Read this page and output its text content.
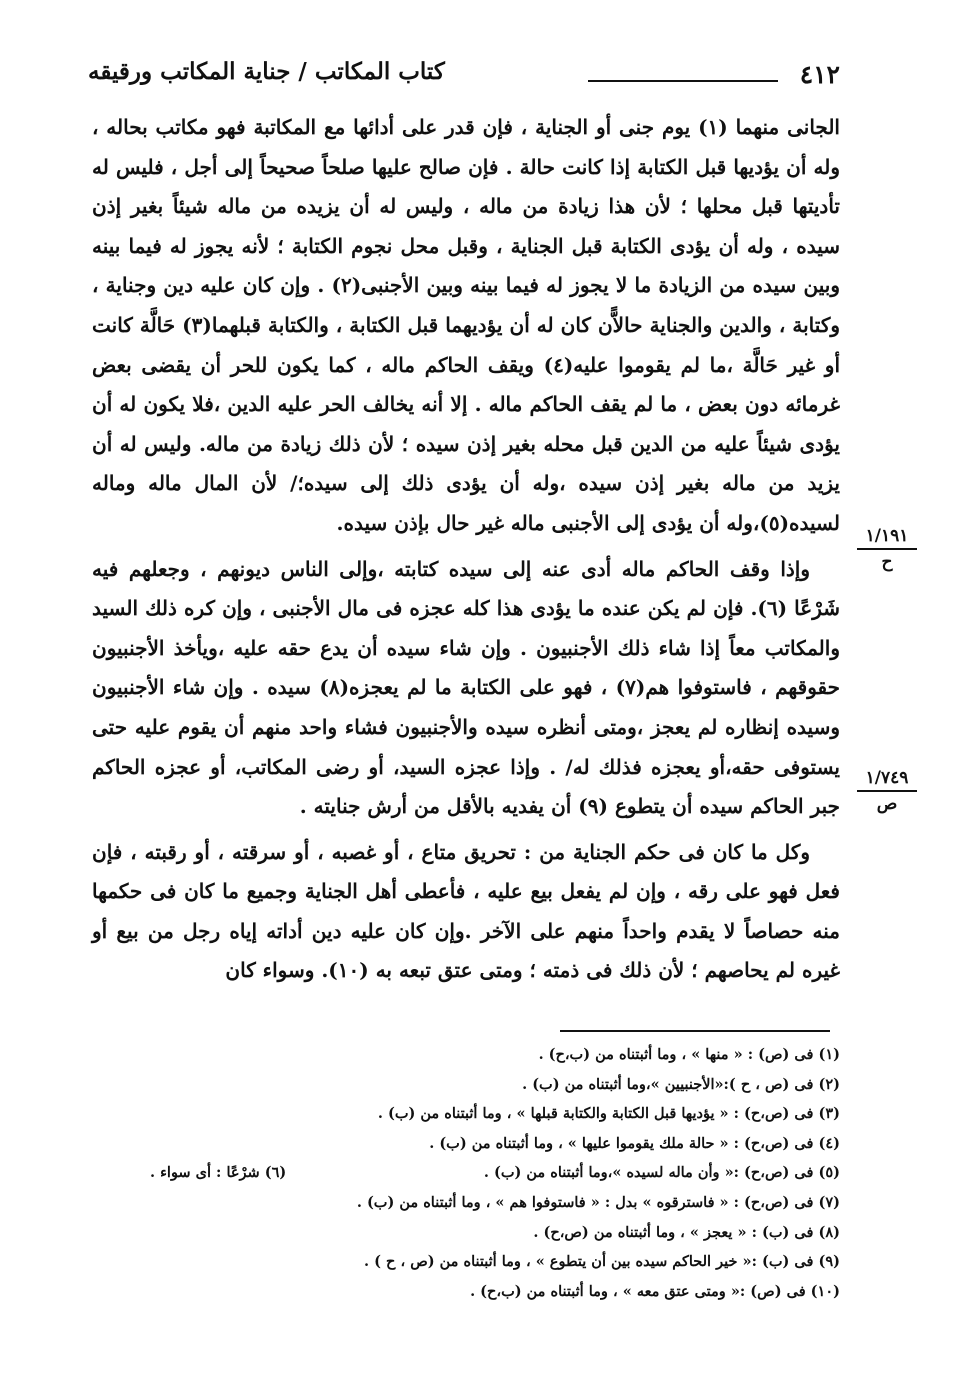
٤١٢
كتاب المكاتب / جناية المكاتب ورقيقه

الجانى منهما (١) يوم جنى أو الجناية ، فإن قدر على أدائها مع المكاتبة فهو مكاتب بحاله ، وله أن يؤديها قبل الكتابة إذا كانت حالة . فإن صالح عليها صلحاً صحيحاً إلى أجل ، فليس له تأديتها قبل محلها ؛ لأن هذا زيادة من ماله ، وليس له أن يزيده من ماله شيئاً بغير إذن سيده ، وله أن يؤدى الكتابة قبل الجناية ، وقبل محل نجوم الكتابة ؛ لأنه يجوز له فيما بينه وبين سيده من الزيادة ما لا يجوز له فيما بينه وبين الأجنبى(٢) . وإن كان عليه دين وجناية ، وكتابة ، والدين والجناية حالاًّن كان له أن يؤديهما قبل الكتابة ، والكتابة قبلهما(٣) حَالَّة كانت أو غير حَالَّة ،ما لم يقوموا عليه(٤) ويقف الحاكم ماله ، كما يكون للحر أن يقضى بعض غرمائه دون بعض ، ما لم يقف الحاكم ماله . إلا أنه يخالف الحر عليه الدين ،فلا يكون له أن يؤدى شيئاً عليه من الدين قبل محله بغير إذن سيده ؛ لأن ذلك زيادة من ماله. وليس له أن يزيد من ماله بغير إذن سيده ،وله أن يؤدى ذلك إلى سيده؛/ لأن المال ماله وماله لسيده(٥)،وله أن يؤدى إلى الأجنبى ماله غير حال بإذن سيده.

وإذا وقف الحاكم ماله أدى عنه إلى سيده كتابته ،وإلى الناس ديونهم ، وجعلهم فيه شَرْعًا (٦). فإن لم يكن عنده ما يؤدى هذا كله عجزه فى مال الأجنبى ، وإن كره ذلك السيد والمكاتب معاً إذا شاء ذلك الأجنبيون . وإن شاء سيده أن يدع حقه عليه ،ويأخذ الأجنبيون حقوقهم ، فاستوفوا هم(٧) ، فهو على الكتابة ما لم يعجزه(٨) سيده . وإن شاء الأجنبيون وسيده إنظاره لم يعجز ،ومتى أنظره سيده والأجنبيون فشاء واحد منهم أن يقوم عليه حتى يستوفى حقه،أو يعجزه فذلك له/ . وإذا عجزه السيد، أو رضى المكاتب، أو عجزه الحاكم جبر الحاكم سيده أن يتطوع (٩) أن يفديه بالأقل من أرش جنايته .

وكل ما كان فى حكم الجناية من : تحريق متاع ، أو غصبه ، أو سرقته ، أو رقبته ، فإن فعل فهو على رقه ، وإن لم يفعل بيع عليه ، فأعطى أهل الجناية وجميع ما كان فى حكمها منه حصاصاً لا يقدم واحداً منهم على الآخر .وإن كان عليه دين أداته إياه رجل من بيع أو غيره لم يحاصهم ؛ لأن ذلك فى ذمته ؛ ومتى عتق تبعه به (١٠). وسواء كان

١/١٩١
ح
١/٧٤٩
ص

(١) فى (ص) : « منها » ، وما أثبتناه من (ب،ح) .

(٢) فى (ص ، ح ):«الأجنبيين »،وما أثبتناه من (ب) .

(٣) فى (ص،ح) : « يؤديها قبل الكتابة والكتابة قبلها » ، وما أثبتناه من (ب) .

(٤) فى (ص،ح) : « حالة ملك يقوموا عليها » ، وما أثبتناه من (ب) .

(٥) فى (ص،ح) :« وأن ماله لسيده »،وما أثبتناه من (ب) .
(٦) شرْعًا : أى سواء .

(٧) فى (ص،ح) : « فاسترقوه » بدل : « فاستوفوا هم » ، وما أثبتناه من (ب) .

(٨) فى (ب) : « يعجز » ، وما أثبتناه من (ص،ح) .

(٩) فى (ب) :« خير الحاكم سيده بين أن يتطوع » ، وما أثبتناه من (ص ، ح ) .

(١٠) فى (ص) :« ومتى عتق معه » ، وما أثبتناه من (ب،ح) .
